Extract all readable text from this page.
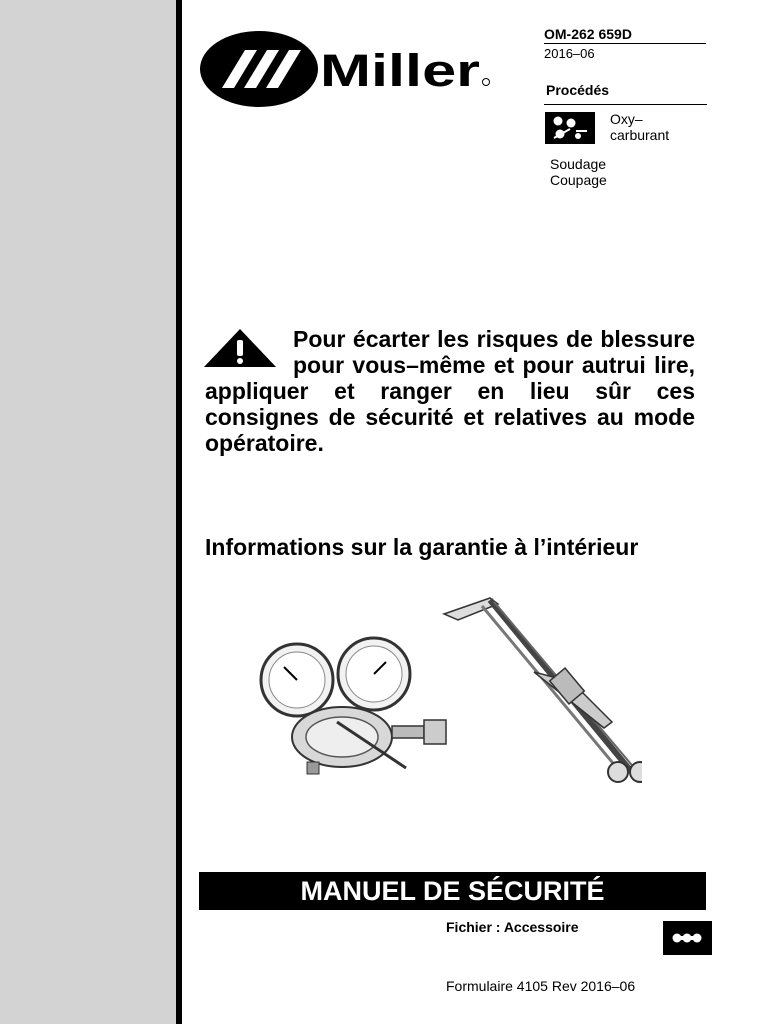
Miller
OM-262 659D
2016–06
Procédés
Oxy–
carburant
Soudage
Coupage
Pour écarter les risques de blessure pour vous–même et pour autrui lire, appliquer et ranger en lieu sûr ces consignes de sécurité et relatives au mode opératoire.
Informations sur la garantie à l’intérieur
MANUEL DE SÉCURITÉ
Fichier : Accessoire
Formulaire 4105 Rev 2016–06
